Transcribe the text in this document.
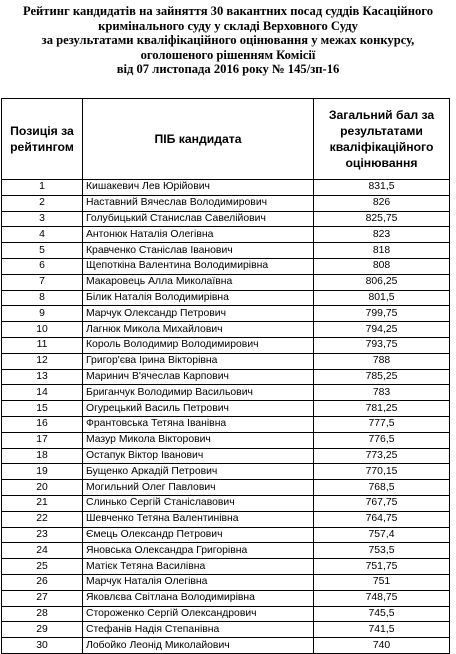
Рейтинг кандидатів на зайняття 30 вакантних посад суддів Касаційного
кримінального суду у складі Верховного Суду
за результатами кваліфікаційного оцінювання у межах конкурсу,
оголошеного рішенням Комісії
від 07 листопада 2016 року № 145/зп-16
Позиція за рейтингом	ПІБ кандидата	Загальний бал за результатами кваліфікаційного оцінювання
1	Кишакевич Лев Юрійович	831,5
2	Наставний Вячеслав Володимирович	826
3	Голубицький Станислав Савелійович	825,75
4	Антонюк Наталія Олегівна	823
5	Кравченко Станіслав Іванович	818
6	Щепоткіна Валентина Володимирівна	808
7	Макаровець Алла Миколаївна	806,25
8	Білик Наталія Володимирівна	801,5
9	Марчук Олександр Петрович	799,75
10	Лагнюк Микола Михайлович	794,25
11	Король Володимир Володимирович	793,75
12	Григор'єва Ірина Вікторівна	788
13	Маринич В'ячеслав Карпович	785,25
14	Бриганчук Володимир Васильович	783
15	Огурецький Василь Петрович	781,25
16	Франтовська Тетяна Іванівна	777,5
17	Мазур Микола Вікторович	776,5
18	Остапук Віктор Іванович	773,25
19	Бущенко Аркадій Петрович	770,15
20	Могильний Олег Павлович	768,5
21	Слинько Сергій Станіславович	767,75
22	Шевченко Тетяна Валентинівна	764,75
23	Ємець Олександр Петрович	757,4
24	Яновська Олександра Григорівна	753,5
25	Матієк Тетяна Василівна	751,75
26	Марчук Наталія Олегівна	751
27	Яковлєва Світлана Володимирівна	748,75
28	Стороженко Сергій Олександрович	745,5
29	Стефанів Надія Степанівна	741,5
30	Лобойко Леонід Миколайович	740
